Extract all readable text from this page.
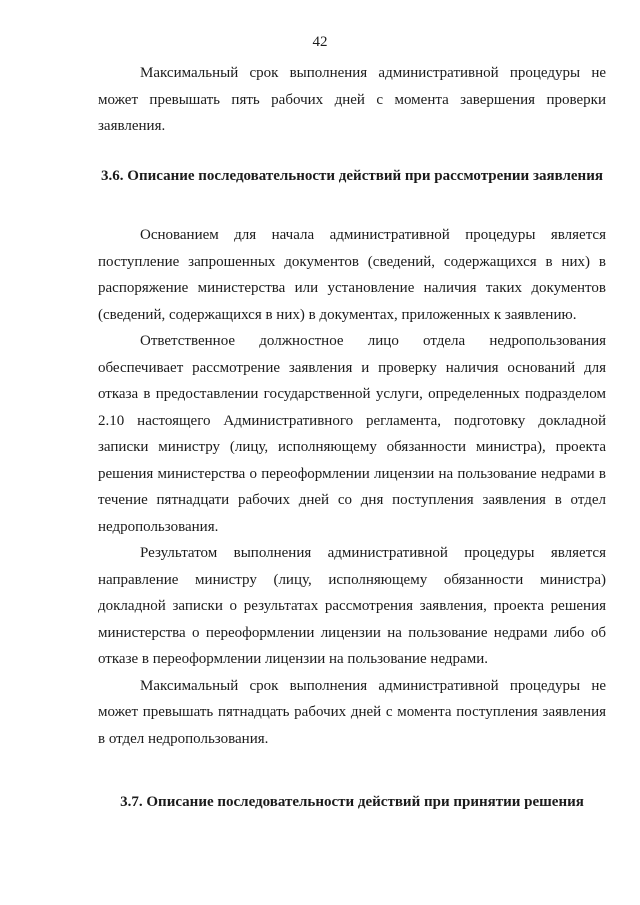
42

Максимальный срок выполнения административной процедуры не может превышать пять рабочих дней с момента завершения проверки заявления.

3.6. Описание последовательности действий при рассмотрении заявления

Основанием для начала административной процедуры является поступление запрошенных документов (сведений, содержащихся в них) в распоряжение министерства или установление наличия таких документов (сведений, содержащихся в них) в документах, приложенных к заявлению.

Ответственное должностное лицо отдела недропользования обеспечивает рассмотрение заявления и проверку наличия оснований для отказа в предоставлении государственной услуги, определенных подразделом 2.10 настоящего Административного регламента, подготовку докладной записки министру (лицу, исполняющему обязанности министра), проекта решения министерства о переоформлении лицензии на пользование недрами в течение пятнадцати рабочих дней со дня поступления заявления в отдел недропользования.

Результатом выполнения административной процедуры является направление министру (лицу, исполняющему обязанности министра) докладной записки о результатах рассмотрения заявления, проекта решения министерства о переоформлении лицензии на пользование недрами либо об отказе в переоформлении лицензии на пользование недрами.

Максимальный срок выполнения административной процедуры не может превышать пятнадцать рабочих дней с момента поступления заявления в отдел недропользования.

3.7. Описание последовательности действий при принятии решения
